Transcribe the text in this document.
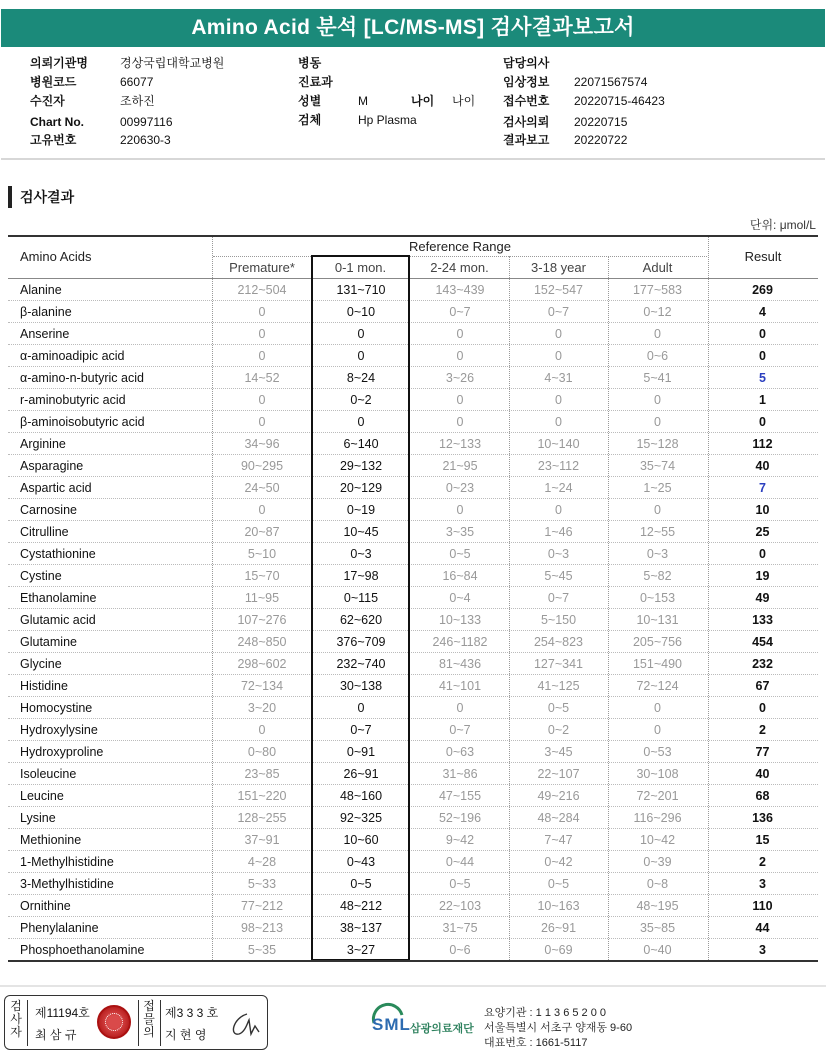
Amino Acid 분석 [LC/MS-MS] 검사결과보고서
의뢰기관명	경상국립대학교병원
병원코드	66077
수진자	조하진
Chart No.	00997116
고유번호	220630-3
병동
진료과
성별	M	나이 나이
검체	Hp Plasma
담당의사
임상정보 22071567574
접수번호 20220715-46423
검사의뢰 20220715
결과보고 20220722
검사결과
단위: μmol/L
Amino Acids
Reference Range
Result
Premature*	0-1 mon.	2-24 mon.	3-18 year	Adult
Alanine	212~504	131~710	143~439	152~547	177~583	269
β-alanine	0	0~10	0~7	0~7	0~12	4
Anserine	0	0	0	0	0	0
α-aminoadipic acid	0	0	0	0	0~6	0
α-amino-n-butyric acid	14~52	8~24	3~26	4~31	5~41	5
r-aminobutyric acid	0	0~2	0	0	0	1
β-aminoisobutyric acid	0	0	0	0	0	0
Arginine	34~96	6~140	12~133	10~140	15~128	112
Asparagine	90~295	29~132	21~95	23~112	35~74	40
Aspartic acid	24~50	20~129	0~23	1~24	1~25	7
Carnosine	0	0~19	0	0	0	10
Citrulline	20~87	10~45	3~35	1~46	12~55	25
Cystathionine	5~10	0~3	0~5	0~3	0~3	0
Cystine	15~70	17~98	16~84	5~45	5~82	19
Ethanolamine	11~95	0~115	0~4	0~7	0~153	49
Glutamic acid	107~276	62~620	10~133	5~150	10~131	133
Glutamine	248~850	376~709	246~1182	254~823	205~756	454
Glycine	298~602	232~740	81~436	127~341	151~490	232
Histidine	72~134	30~138	41~101	41~125	72~124	67
Homocystine	3~20	0	0	0~5	0	0
Hydroxylysine	0	0~7	0~7	0~2	0	2
Hydroxyproline	0~80	0~91	0~63	3~45	0~53	77
Isoleucine	23~85	26~91	31~86	22~107	30~108	40
Leucine	151~220	48~160	47~155	49~216	72~201	68
Lysine	128~255	92~325	52~196	48~284	116~296	136
Methionine	37~91	10~60	9~42	7~47	10~42	15
1-Methylhistidine	4~28	0~43	0~44	0~42	0~39	2
3-Methylhistidine	5~33	0~5	0~5	0~5	0~8	3
Ornithine	77~212	48~212	22~103	10~163	48~195	110
Phenylalanine	98~213	38~137	31~75	26~91	35~85	44
Phosphoethanolamine	5~35	3~27	0~6	0~69	0~40	3
검
사
자
제11194호
최 삼 규
접
믈
의
제3 3 3 호
지 현 영
SML 삼광의료재단
요양기관 : 1 1 3 6 5 2 0 0
서울특별시 서초구 양재동 9-60
대표번호 : 1661-5117
